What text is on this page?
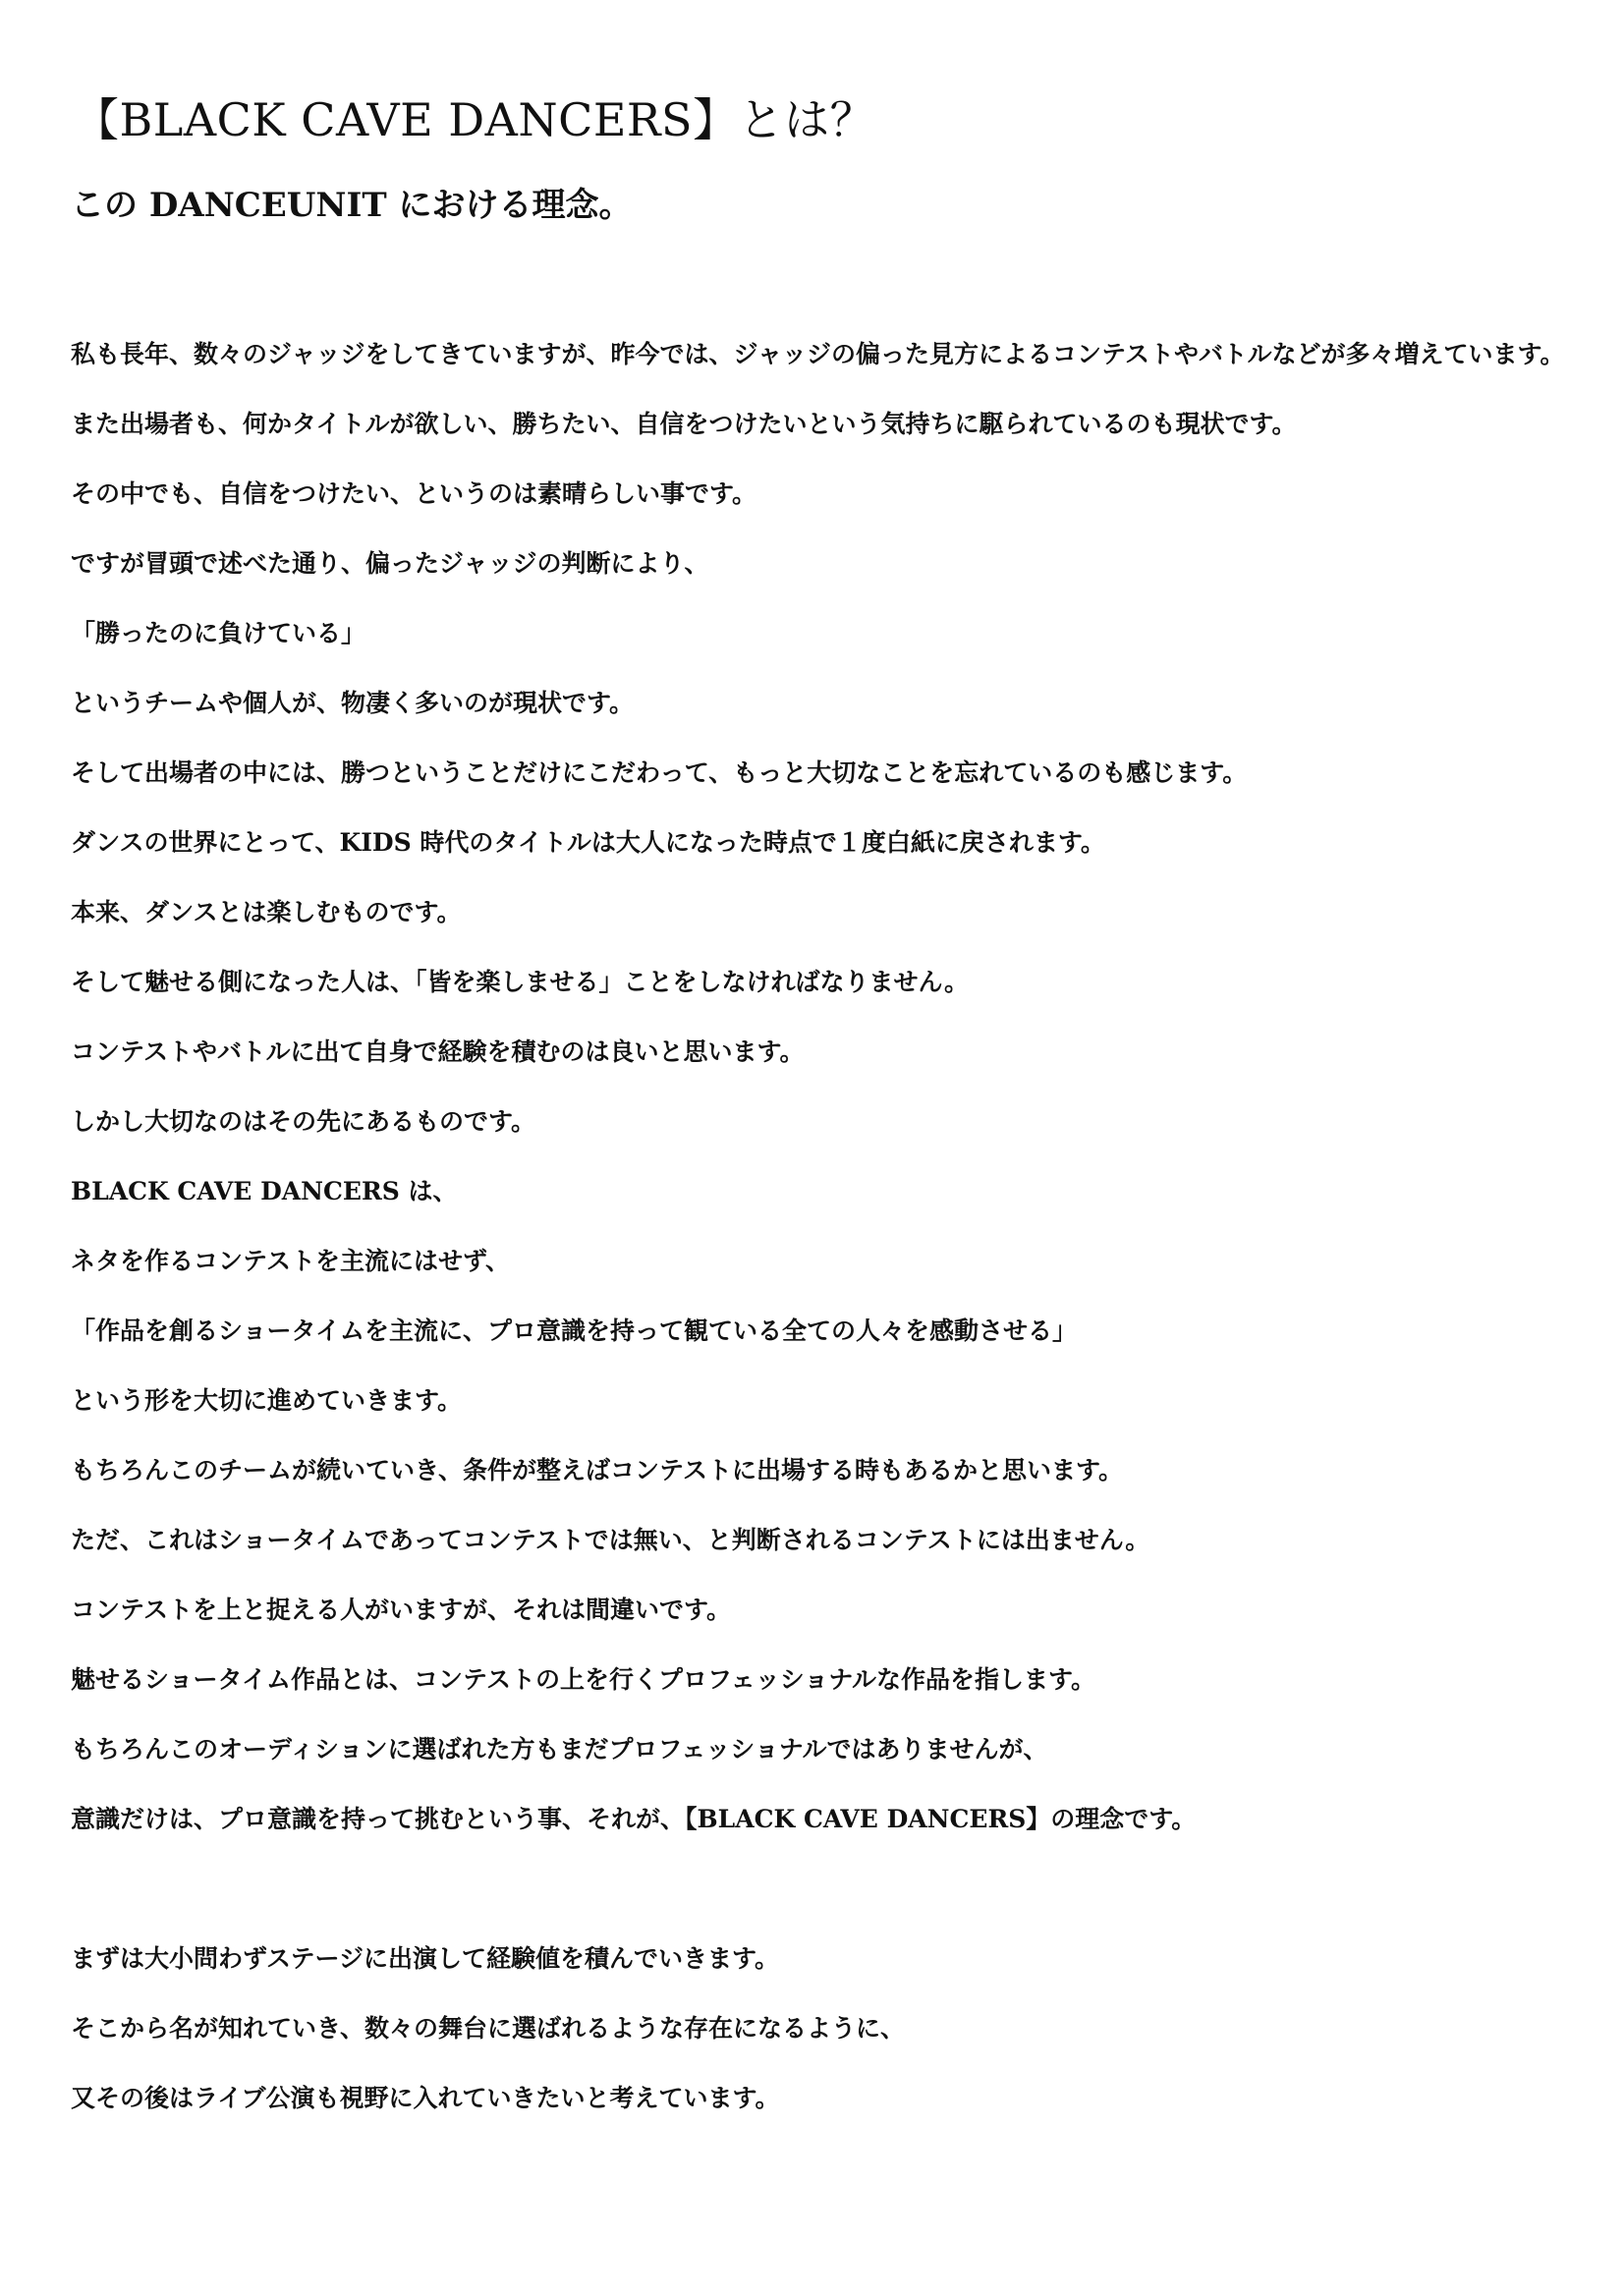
【BLACK CAVE DANCERS】とは？
この DANCEUNIT における理念。

私も長年、数々のジャッジをしてきていますが、昨今では、ジャッジの偏った見方によるコンテストやバトルなどが多々増えています。

また出場者も、何かタイトルが欲しい、勝ちたい、自信をつけたいという気持ちに駆られているのも現状です。

その中でも、自信をつけたい、というのは素晴らしい事です。

ですが冒頭で述べた通り、偏ったジャッジの判断により、

「勝ったのに負けている」

というチームや個人が、物凄く多いのが現状です。

そして出場者の中には、勝つということだけにこだわって、もっと大切なことを忘れているのも感じます。

ダンスの世界にとって、KIDS 時代のタイトルは大人になった時点で１度白紙に戻されます。

本来、ダンスとは楽しむものです。

そして魅せる側になった人は、「皆を楽しませる」ことをしなければなりません。

コンテストやバトルに出て自身で経験を積むのは良いと思います。

しかし大切なのはその先にあるものです。

BLACK CAVE DANCERS は、

ネタを作るコンテストを主流にはせず、

「作品を創るショータイムを主流に、プロ意識を持って観ている全ての人々を感動させる」

という形を大切に進めていきます。

もちろんこのチームが続いていき、条件が整えばコンテストに出場する時もあるかと思います。

ただ、これはショータイムであってコンテストでは無い、と判断されるコンテストには出ません。

コンテストを上と捉える人がいますが、それは間違いです。

魅せるショータイム作品とは、コンテストの上を行くプロフェッショナルな作品を指します。

もちろんこのオーディションに選ばれた方もまだプロフェッショナルではありませんが、

意識だけは、プロ意識を持って挑むという事、それが、【BLACK CAVE DANCERS】の理念です。

まずは大小問わずステージに出演して経験値を積んでいきます。

そこから名が知れていき、数々の舞台に選ばれるような存在になるように、

又その後はライブ公演も視野に入れていきたいと考えています。
